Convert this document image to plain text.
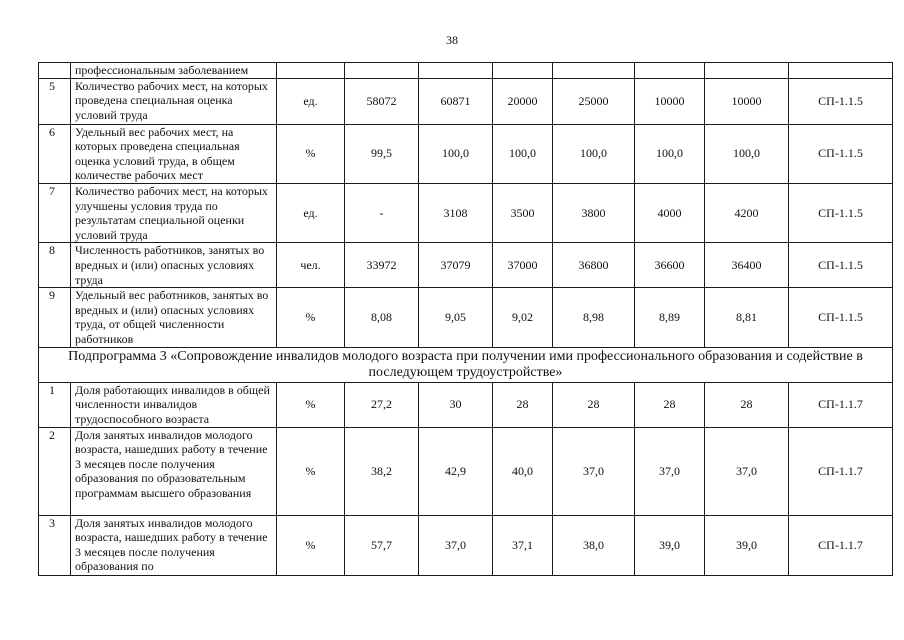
38
	профессиональным заболеванием								
5	Количество рабочих мест, на которых проведена специальная оценка условий труда	ед.	58072	60871	20000	25000	10000	10000	СП-1.1.5
6	Удельный вес рабочих мест, на которых проведена специальная оценка условий труда, в общем количестве рабочих мест	%	99,5	100,0	100,0	100,0	100,0	100,0	СП-1.1.5
7	Количество рабочих мест, на которых улучшены условия труда по результатам специальной оценки условий труда	ед.	-	3108	3500	3800	4000	4200	СП-1.1.5
8	Численность работников, занятых во вредных и (или) опасных условиях труда	чел.	33972	37079	37000	36800	36600	36400	СП-1.1.5
9	Удельный вес работников, занятых во вредных и (или) опасных условиях труда, от общей численности работников	%	8,08	9,05	9,02	8,98	8,89	8,81	СП-1.1.5
Подпрограмма 3 «Сопровождение инвалидов молодого возраста при получении ими профессионального образования и содействие в последующем трудоустройстве»									
1	Доля работающих инвалидов в общей численности инвалидов трудоспособного возраста	%	27,2	30	28	28	28	28	СП-1.1.7
2	Доля занятых инвалидов молодого возраста, нашедших работу в течение 3 месяцев после получения образования по образовательным программам высшего образования	%	38,2	42,9	40,0	37,0	37,0	37,0	СП-1.1.7
3	Доля занятых инвалидов молодого возраста, нашедших работу в течение 3 месяцев после получения образования по	%	57,7	37,0	37,1	38,0	39,0	39,0	СП-1.1.7
